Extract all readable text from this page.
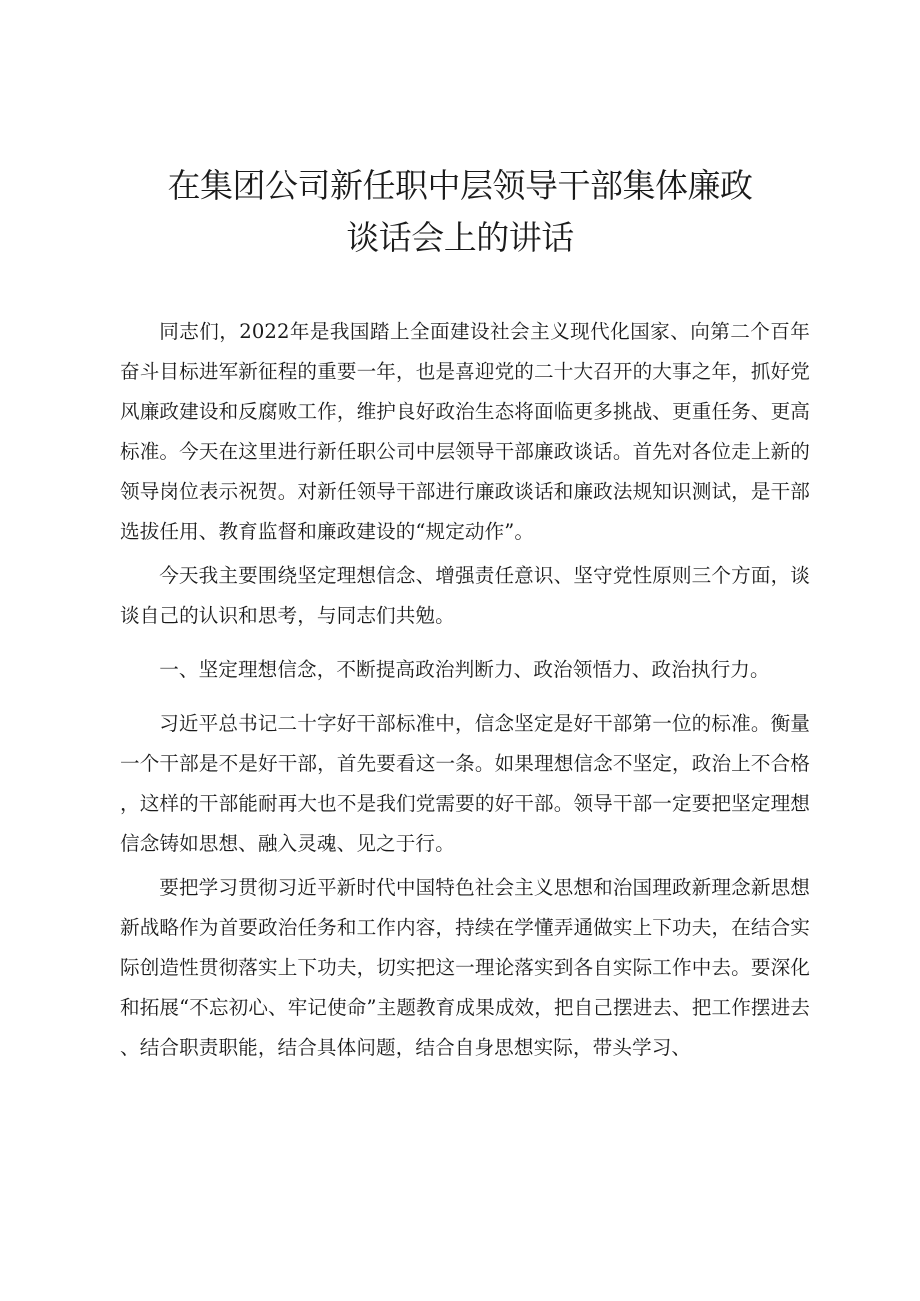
在集团公司新任职中层领导干部集体廉政
谈话会上的讲话

同志们，2022年是我国踏上全面建设社会主义现代化国家、向第二个百年奋斗目标进军新征程的重要一年，也是喜迎党的二十大召开的大事之年，抓好党风廉政建设和反腐败工作，维护良好政治生态将面临更多挑战、更重任务、更高标准。今天在这里进行新任职公司中层领导干部廉政谈话。首先对各位走上新的领导岗位表示祝贺。对新任领导干部进行廉政谈话和廉政法规知识测试，是干部选拔任用、教育监督和廉政建设的“规定动作”。

今天我主要围绕坚定理想信念、增强责任意识、坚守党性原则三个方面，谈谈自己的认识和思考，与同志们共勉。

一、坚定理想信念，不断提高政治判断力、政治领悟力、政治执行力。

习近平总书记二十字好干部标准中，信念坚定是好干部第一位的标准。衡量一个干部是不是好干部，首先要看这一条。如果理想信念不坚定，政治上不合格，这样的干部能耐再大也不是我们党需要的好干部。领导干部一定要把坚定理想信念铸如思想、融入灵魂、见之于行。

要把学习贯彻习近平新时代中国特色社会主义思想和治国理政新理念新思想新战略作为首要政治任务和工作内容，持续在学懂弄通做实上下功夫，在结合实际创造性贯彻落实上下功夫，切实把这一理论落实到各自实际工作中去。要深化和拓展“不忘初心、牢记使命”主题教育成果成效，把自己摆进去、把工作摆进去、结合职责职能，结合具体问题，结合自身思想实际，带头学习、
